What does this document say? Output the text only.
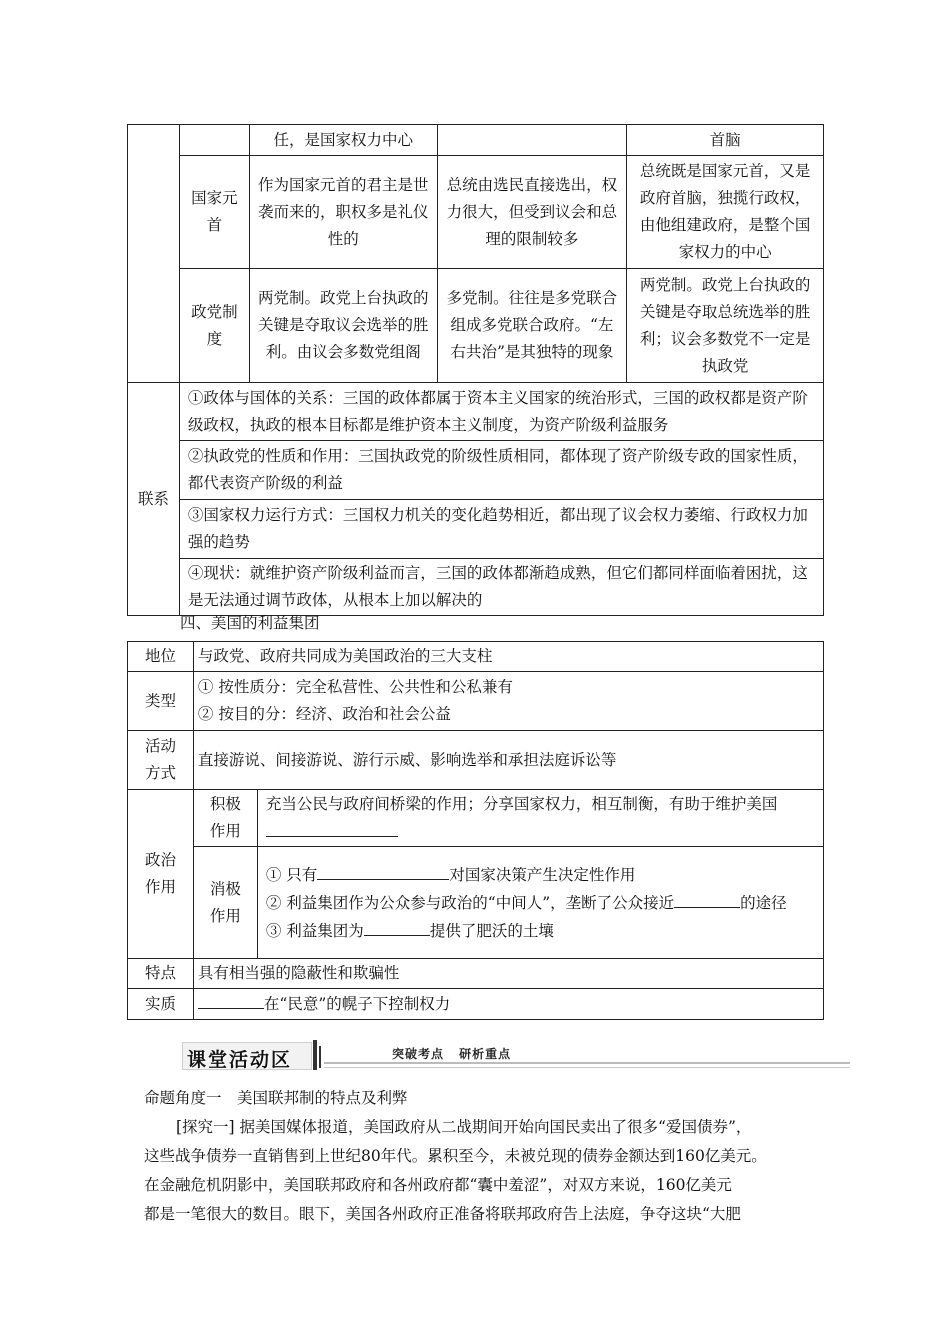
		任，是国家权力中心		首脑
	国家元首	作为国家元首的君主是世袭而来的，职权多是礼仪性的	总统由选民直接选出，权力很大，但受到议会和总理的限制较多	总统既是国家元首，又是政府首脑，独揽行政权，由他组建政府，是整个国家权力的中心
	政党制度	两党制。政党上台执政的关键是夺取议会选举的胜利。由议会多数党组阁	多党制。往往是多党联合组成多党联合政府。“左右共治”是其独特的现象	两党制。政党上台执政的关键是夺取总统选举的胜利；议会多数党不一定是执政党
联系	①政体与国体的关系：三国的政体都属于资本主义国家的统治形式，三国的政权都是资产阶级政权，执政的根本目标都是维护资本主义制度，为资产阶级利益服务			
	②执政党的性质和作用：三国执政党的阶级性质相同，都体现了资产阶级专政的国家性质，都代表资产阶级的利益			
	③国家权力运行方式：三国权力机关的变化趋势相近，都出现了议会权力萎缩、行政权力加强的趋势			
	④现状：就维护资产阶级利益而言，三国的政体都渐趋成熟，但它们都同样面临着困扰，这是无法通过调节政体，从根本上加以解决的			
四、美国的利益集团
地位	与政党、政府共同成为美国政治的三大支柱	
类型	① 按性质分：完全私营性、公共性和公私兼有
② 按目的分：经济、政治和社会公益	

活动方式	直接游说、间接游说、游行示威、影响选举和承担法庭诉讼等	
政治作用	积极作用	充当公民与政府间桥梁的作用；分享国家权力，相互制衡，有助于维护美国
	消极作用	① 只有 对国家决策产生决定性作用
② 利益集团作为公众参与政治的“中间人”，垄断了公众接近 的途径
③ 利益集团为 提供了肥沃的土壤

特点	具有相当强的隐蔽性和欺骗性	
实质	在“民意”的幌子下控制权力	
课堂活动区	突破考点 研析重点
命题角度一　美国联邦制的特点及利弊
[探究一] 据美国媒体报道，美国政府从二战期间开始向国民卖出了很多“爱国债券”，
这些战争债券一直销售到上世纪80年代。累积至今，未被兑现的债券金额达到160亿美元。
在金融危机阴影中，美国联邦政府和各州政府都“囊中羞涩”，对双方来说，160亿美元
都是一笔很大的数目。眼下，美国各州政府正准备将联邦政府告上法庭，争夺这块“大肥
